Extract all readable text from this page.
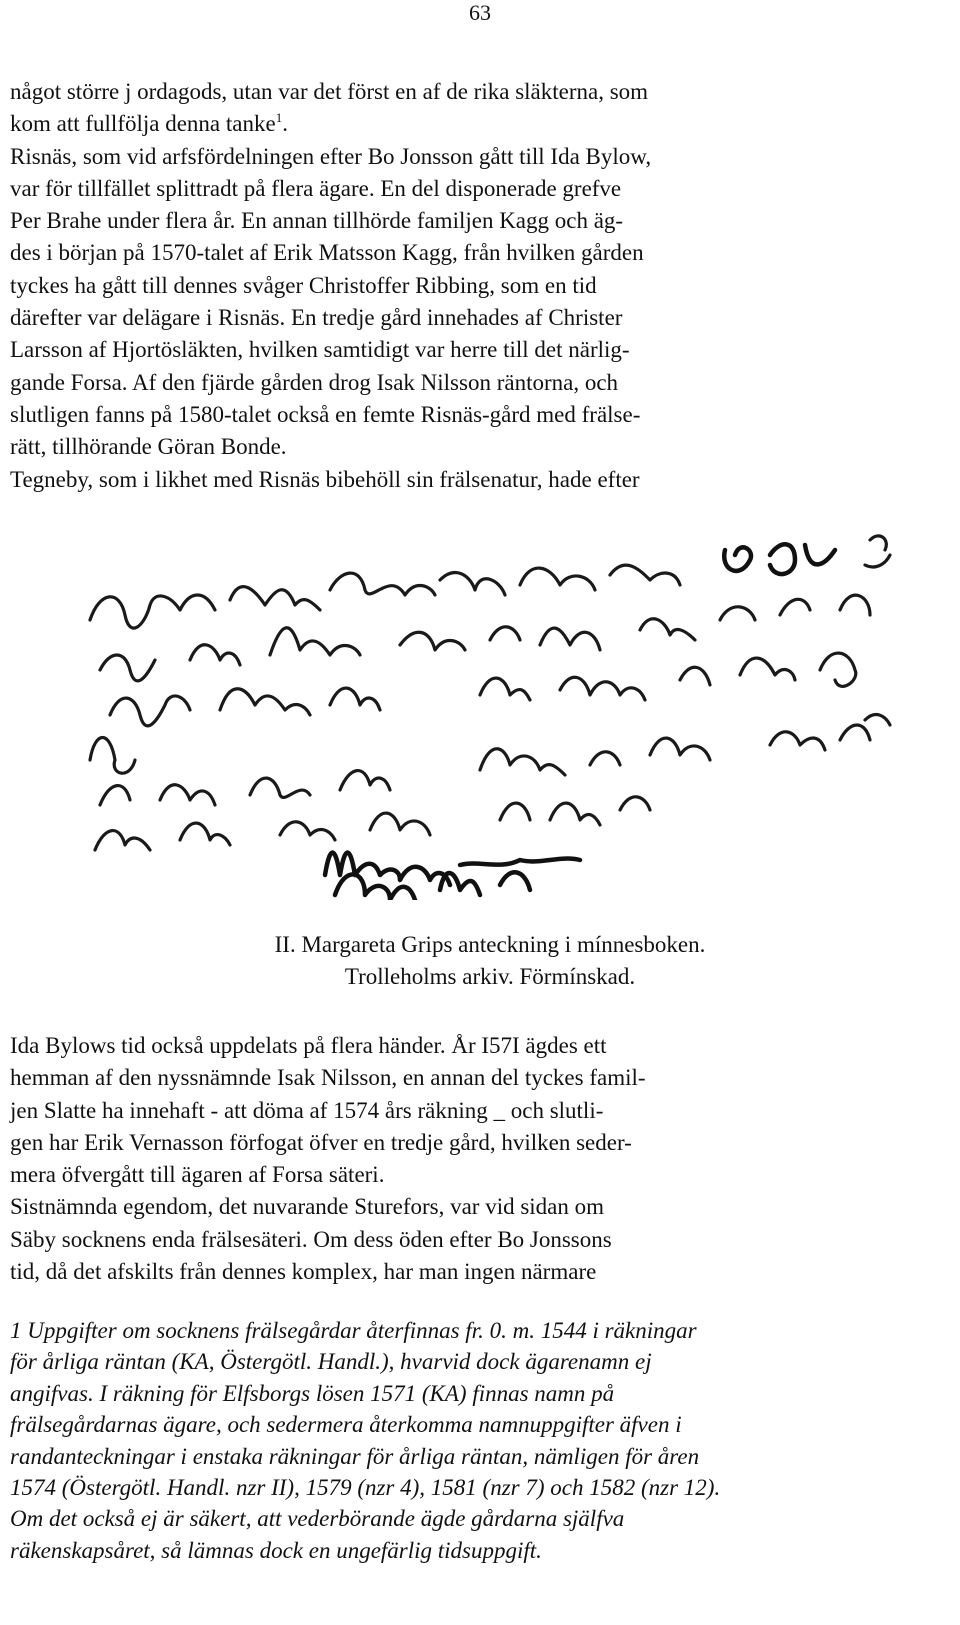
63
något större j ordagods, utan var det först en af de rika släkterna, som
kom att fullfölja denna tanke$^1$.
Risnäs, som vid arfsfördelningen efter Bo Jonsson gått till Ida Bylow,
var för tillfället splittradt på flera ägare. En del disponerade grefve
Per Brahe under flera år. En annan tillhörde familjen Kagg och äg-
des i början på 1570-talet af Erik Matsson Kagg, från hvilken gården
tyckes ha gått till dennes svåger Christoffer Ribbing, som en tid
därefter var delägare i Risnäs. En tredje gård innehades af Christer
Larsson af Hjortösläkten, hvilken samtidigt var herre till det närlig-
gande Forsa. Af den fjärde gården drog Isak Nilsson räntorna, och
slutligen fanns på 1580-talet också en femte Risnäs-gård med frälse-
rätt, tillhörande Göran Bonde.
Tegneby, som i likhet med Risnäs bibehöll sin frälsenatur, hade efter
II. Margareta Grips anteckning i mínnesboken.
Trolleholms arkiv. Förmínskad.
Ida Bylows tid också uppdelats på flera händer. År I57I ägdes ett
hemman af den nyssnämnde Isak Nilsson, en annan del tyckes famil-
jen Slatte ha innehaft - att döma af 1574 års räkning _ och slutli-
gen har Erik Vernasson förfogat öfver en tredje gård, hvilken seder-
mera öfvergått till ägaren af Forsa säteri.
Sistnämnda egendom, det nuvarande Sturefors, var vid sidan om
Säby socknens enda frälsesäteri. Om dess öden efter Bo Jonssons
tid, då det afskilts från dennes komplex, har man ingen närmare
1 Uppgifter om socknens frälsegårdar återfinnas fr. 0. m. 1544 i räkningar
för årliga räntan (KA, Östergötl. Handl.), hvarvid dock ägarenamn ej
angifvas. I räkning för Elfsborgs lösen 1571 (KA) finnas namn på
frälsegårdarnas ägare, och sedermera återkomma namnuppgifter äfven i
randanteckningar i enstaka räkningar för årliga räntan, nämligen för åren
1574 (Östergötl. Handl. nzr II), 1579 (nzr 4), 1581 (nzr 7) och 1582 (nzr 12).
Om det också ej är säkert, att vederbörande ägde gårdarna själfva
räkenskapsåret, så lämnas dock en ungefärlig tidsuppgift.
